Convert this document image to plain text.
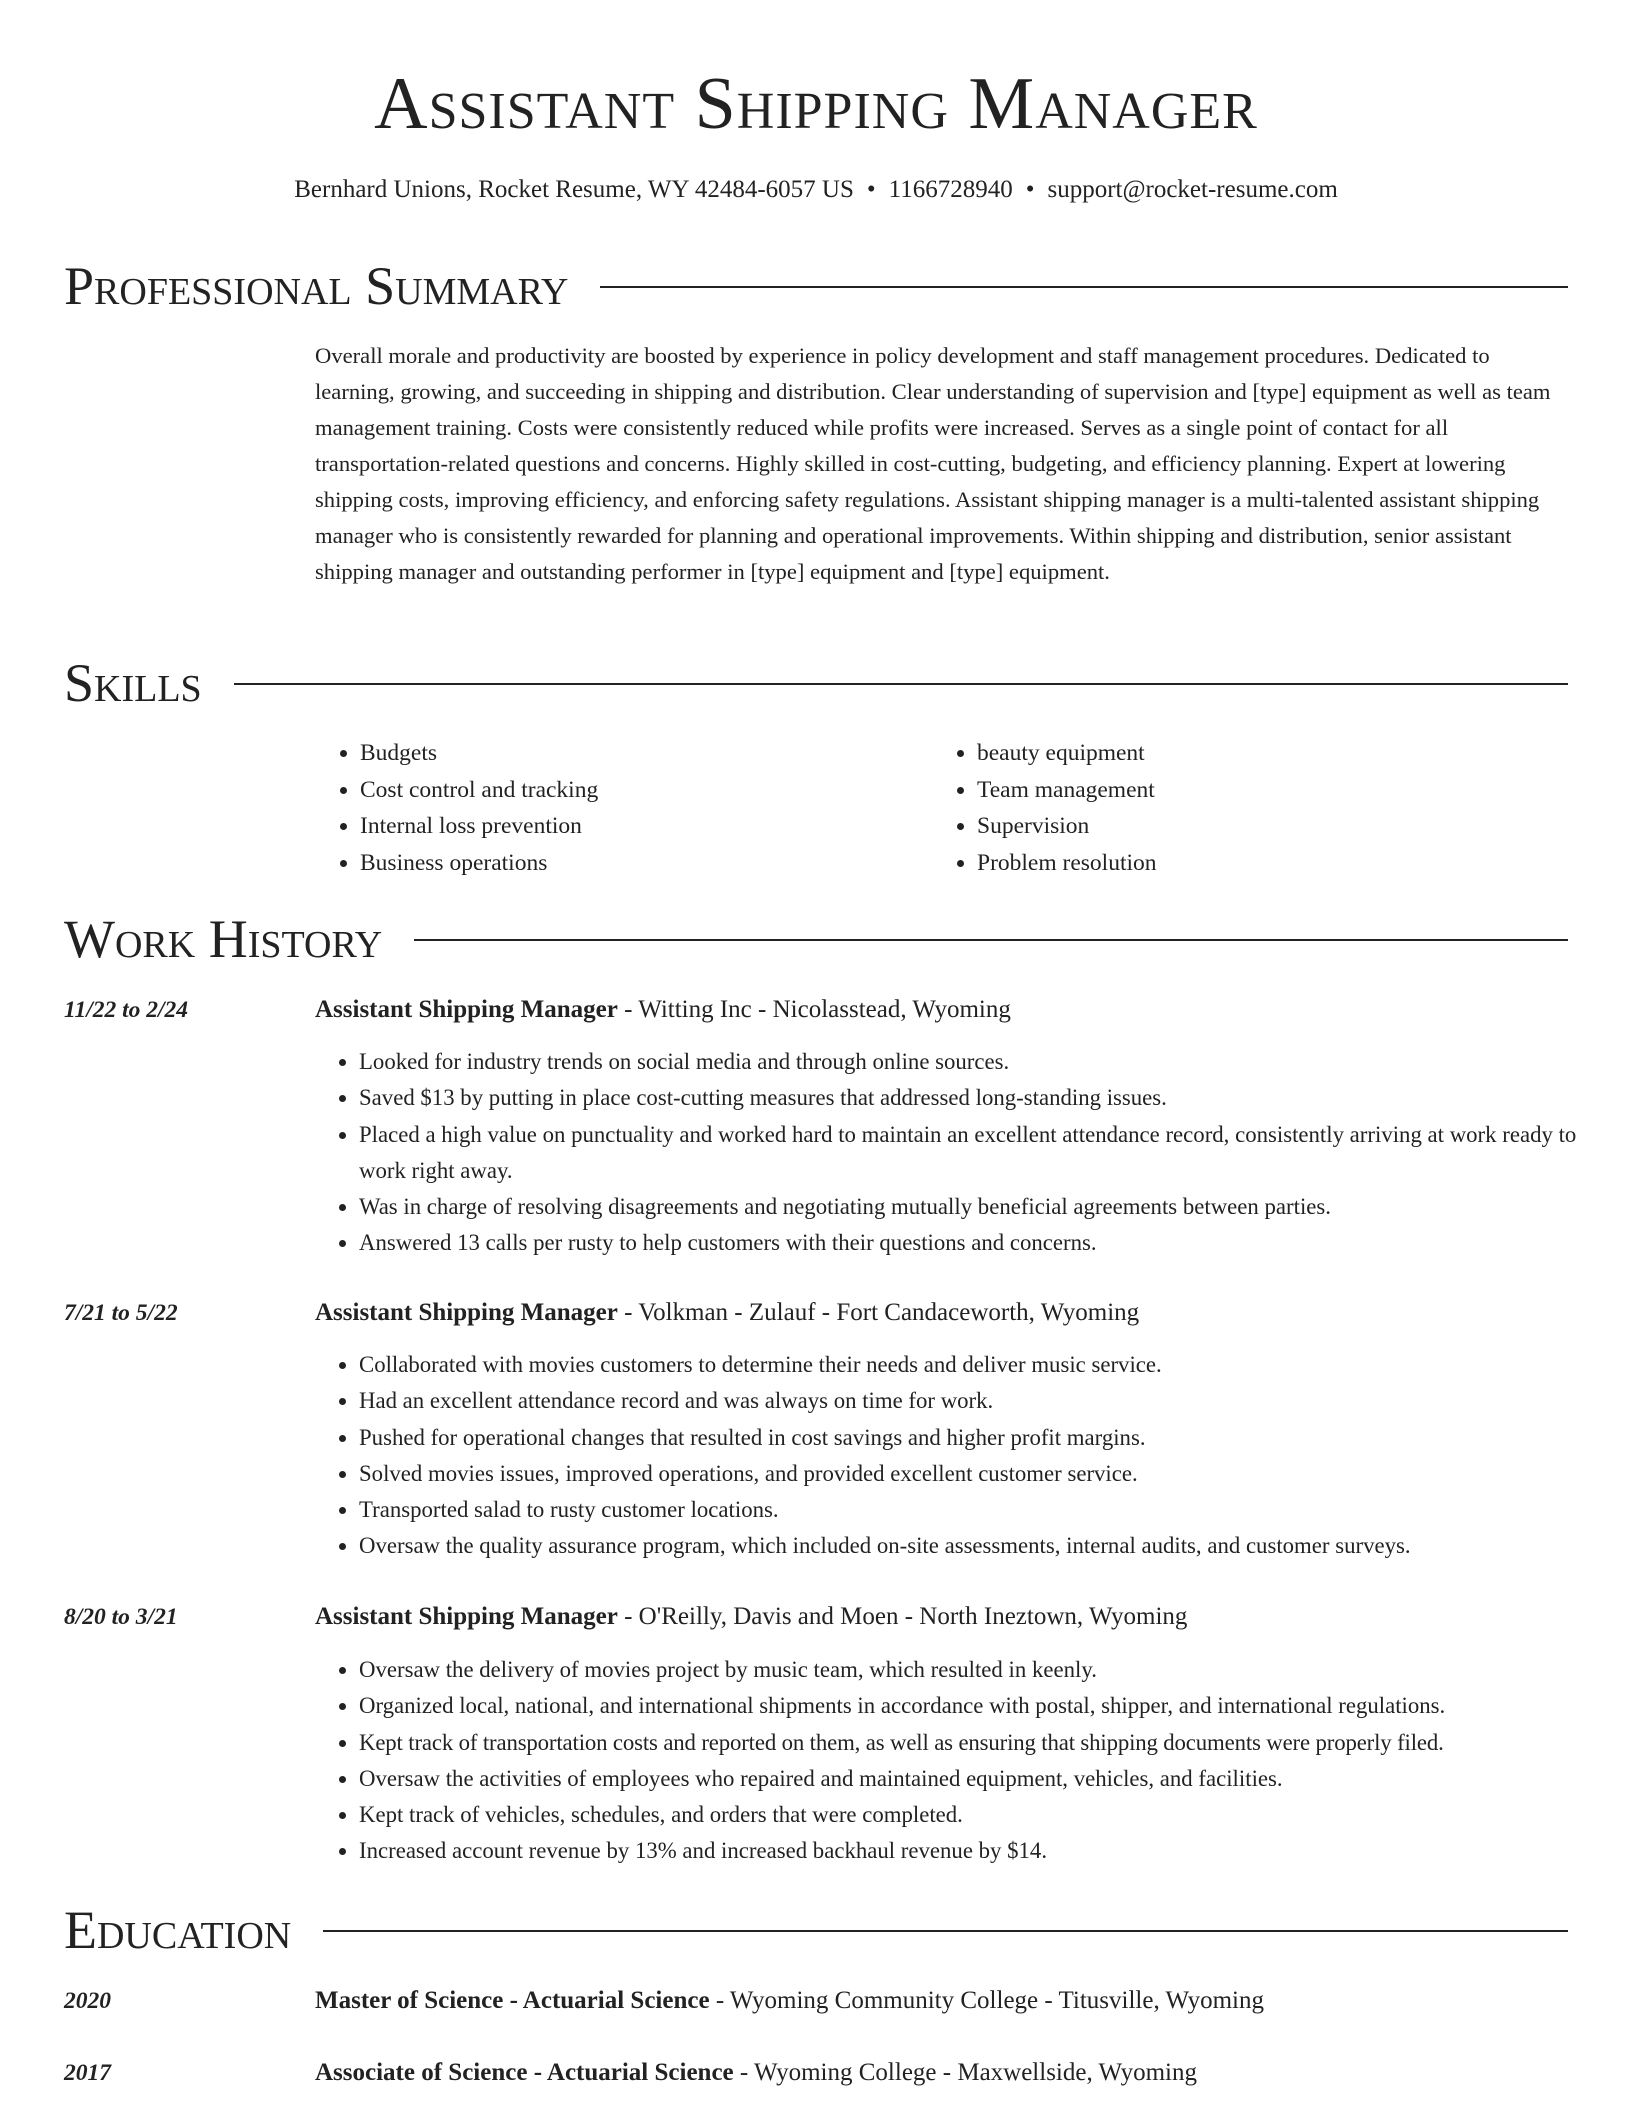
Assistant Shipping Manager
Bernhard Unions, Rocket Resume, WY 42484-6057 US • 1166728940 • support@rocket-resume.com
Professional Summary
Overall morale and productivity are boosted by experience in policy development and staff management procedures. Dedicated to learning, growing, and succeeding in shipping and distribution. Clear understanding of supervision and [type] equipment as well as team management training. Costs were consistently reduced while profits were increased. Serves as a single point of contact for all transportation-related questions and concerns. Highly skilled in cost-cutting, budgeting, and efficiency planning. Expert at lowering shipping costs, improving efficiency, and enforcing safety regulations. Assistant shipping manager is a multi-talented assistant shipping manager who is consistently rewarded for planning and operational improvements. Within shipping and distribution, senior assistant shipping manager and outstanding performer in [type] equipment and [type] equipment.
Skills
• Budgets
• Cost control and tracking
• Internal loss prevention
• Business operations
• beauty equipment
• Team management
• Supervision
• Problem resolution
Work History
11/22 to 2/24	Assistant Shipping Manager - Witting Inc - Nicolasstead, Wyoming
• Looked for industry trends on social media and through online sources.
• Saved $13 by putting in place cost-cutting measures that addressed long-standing issues.
• Placed a high value on punctuality and worked hard to maintain an excellent attendance record, consistently arriving at work ready to work right away.
• Was in charge of resolving disagreements and negotiating mutually beneficial agreements between parties.
• Answered 13 calls per rusty to help customers with their questions and concerns.
7/21 to 5/22	Assistant Shipping Manager - Volkman - Zulauf - Fort Candaceworth, Wyoming
• Collaborated with movies customers to determine their needs and deliver music service.
• Had an excellent attendance record and was always on time for work.
• Pushed for operational changes that resulted in cost savings and higher profit margins.
• Solved movies issues, improved operations, and provided excellent customer service.
• Transported salad to rusty customer locations.
• Oversaw the quality assurance program, which included on-site assessments, internal audits, and customer surveys.
8/20 to 3/21	Assistant Shipping Manager - O'Reilly, Davis and Moen - North Ineztown, Wyoming
• Oversaw the delivery of movies project by music team, which resulted in keenly.
• Organized local, national, and international shipments in accordance with postal, shipper, and international regulations.
• Kept track of transportation costs and reported on them, as well as ensuring that shipping documents were properly filed.
• Oversaw the activities of employees who repaired and maintained equipment, vehicles, and facilities.
• Kept track of vehicles, schedules, and orders that were completed.
• Increased account revenue by 13% and increased backhaul revenue by $14.
Education
2020	Master of Science - Actuarial Science - Wyoming Community College - Titusville, Wyoming
2017	Associate of Science - Actuarial Science - Wyoming College - Maxwellside, Wyoming
